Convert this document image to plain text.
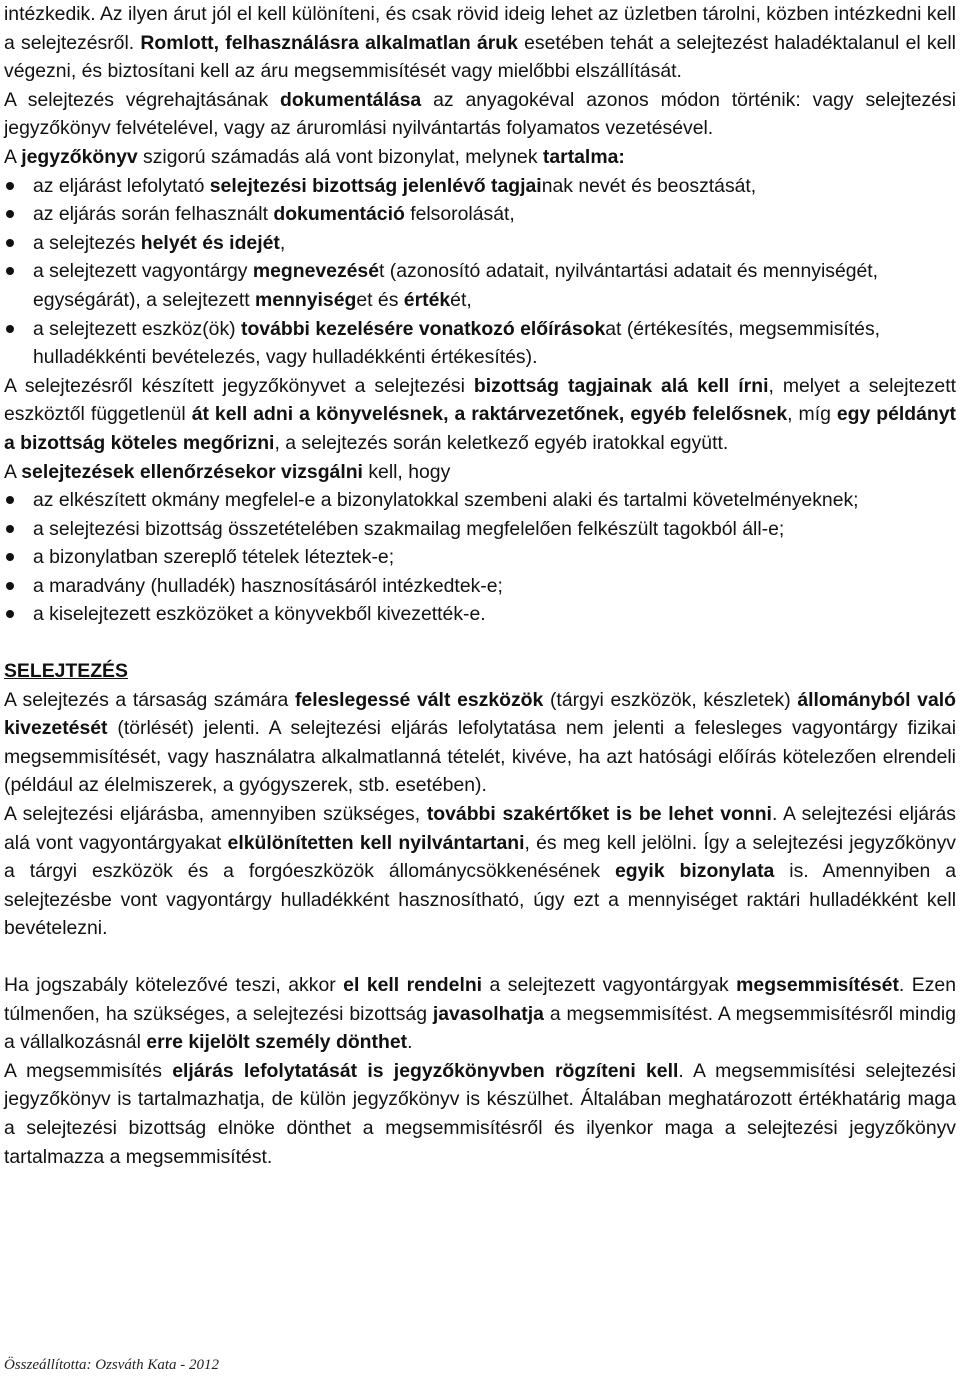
intézkedik. Az ilyen árut jól el kell különíteni, és csak rövid ideig lehet az üzletben tárolni, közben intézkedni kell a selejtezésről. Romlott, felhasználásra alkalmatlan áruk esetében tehát a selejtezést haladéktalanul el kell végezni, és biztosítani kell az áru megsemmisítését vagy mielőbbi elszállítását.

A selejtezés végrehajtásának dokumentálása az anyagokéval azonos módon történik: vagy selejtezési jegyzőkönyv felvételével, vagy az áruromlási nyilvántartás folyamatos vezetésével.

A jegyzőkönyv szigorú számadás alá vont bizonylat, melynek tartalma:

az eljárást lefolytató selejtezési bizottság jelenlévő tagjainak nevét és beosztását,
az eljárás során felhasznált dokumentáció felsorolását,
a selejtezés helyét és idejét,
a selejtezett vagyontárgy megnevezését (azonosító adatait, nyilvántartási adatait és mennyiségét, egységárát), a selejtezett mennyiséget és értékét,
a selejtezett eszköz(ök) további kezelésére vonatkozó előírásokat (értékesítés, megsemmisítés, hulladékkénti bevételezés, vagy hulladékkénti értékesítés).

A selejtezésről készített jegyzőkönyvet a selejtezési bizottság tagjainak alá kell írni, melyet a selejtezett eszköztől függetlenül át kell adni a könyvelésnek, a raktárvezetőnek, egyéb felelősnek, míg egy példányt a bizottság köteles megőrizni, a selejtezés során keletkező egyéb iratokkal együtt.

A selejtezések ellenőrzésekor vizsgálni kell, hogy

az elkészített okmány megfelel-e a bizonylatokkal szembeni alaki és tartalmi követelményeknek;
a selejtezési bizottság összetételében szakmailag megfelelően felkészült tagokból áll-e;
a bizonylatban szereplő tételek léteztek-e;
a maradvány (hulladék) hasznosításáról intézkedtek-e;
a kiselejtezett eszközöket a könyvekből kivezették-e.

SELEJTEZÉS

A selejtezés a társaság számára feleslegessé vált eszközök (tárgyi eszközök, készletek) állományból való kivezetését (törlését) jelenti. A selejtezési eljárás lefolytatása nem jelenti a felesleges vagyontárgy fizikai megsemmisítését, vagy használatra alkalmatlanná tételét, kivéve, ha azt hatósági előírás kötelezően elrendeli (például az élelmiszerek, a gyógyszerek, stb. esetében).

A selejtezési eljárásba, amennyiben szükséges, további szakértőket is be lehet vonni. A selejtezési eljárás alá vont vagyontárgyakat elkülönítetten kell nyilvántartani, és meg kell jelölni. Így a selejtezési jegyzőkönyv a tárgyi eszközök és a forgóeszközök állománycsökkenésének egyik bizonylata is. Amennyiben a selejtezésbe vont vagyontárgy hulladékként hasznosítható, úgy ezt a mennyiséget raktári hulladékként kell bevételezni.

Ha jogszabály kötelezővé teszi, akkor el kell rendelni a selejtezett vagyontárgyak megsemmisítését. Ezen túlmenően, ha szükséges, a selejtezési bizottság javasolhatja a megsemmisítést. A megsemmisítésről mindig a vállalkozásnál erre kijelölt személy dönthet.

A megsemmisítés eljárás lefolytatását is jegyzőkönyvben rögzíteni kell. A megsemmisítési selejtezési jegyzőkönyv is tartalmazhatja, de külön jegyzőkönyv is készülhet. Általában meghatározott értékhatárig maga a selejtezési bizottság elnöke dönthet a megsemmisítésről és ilyenkor maga a selejtezési jegyzőkönyv tartalmazza a megsemmisítést.

Összeállította: Ozsváth Kata - 2012
